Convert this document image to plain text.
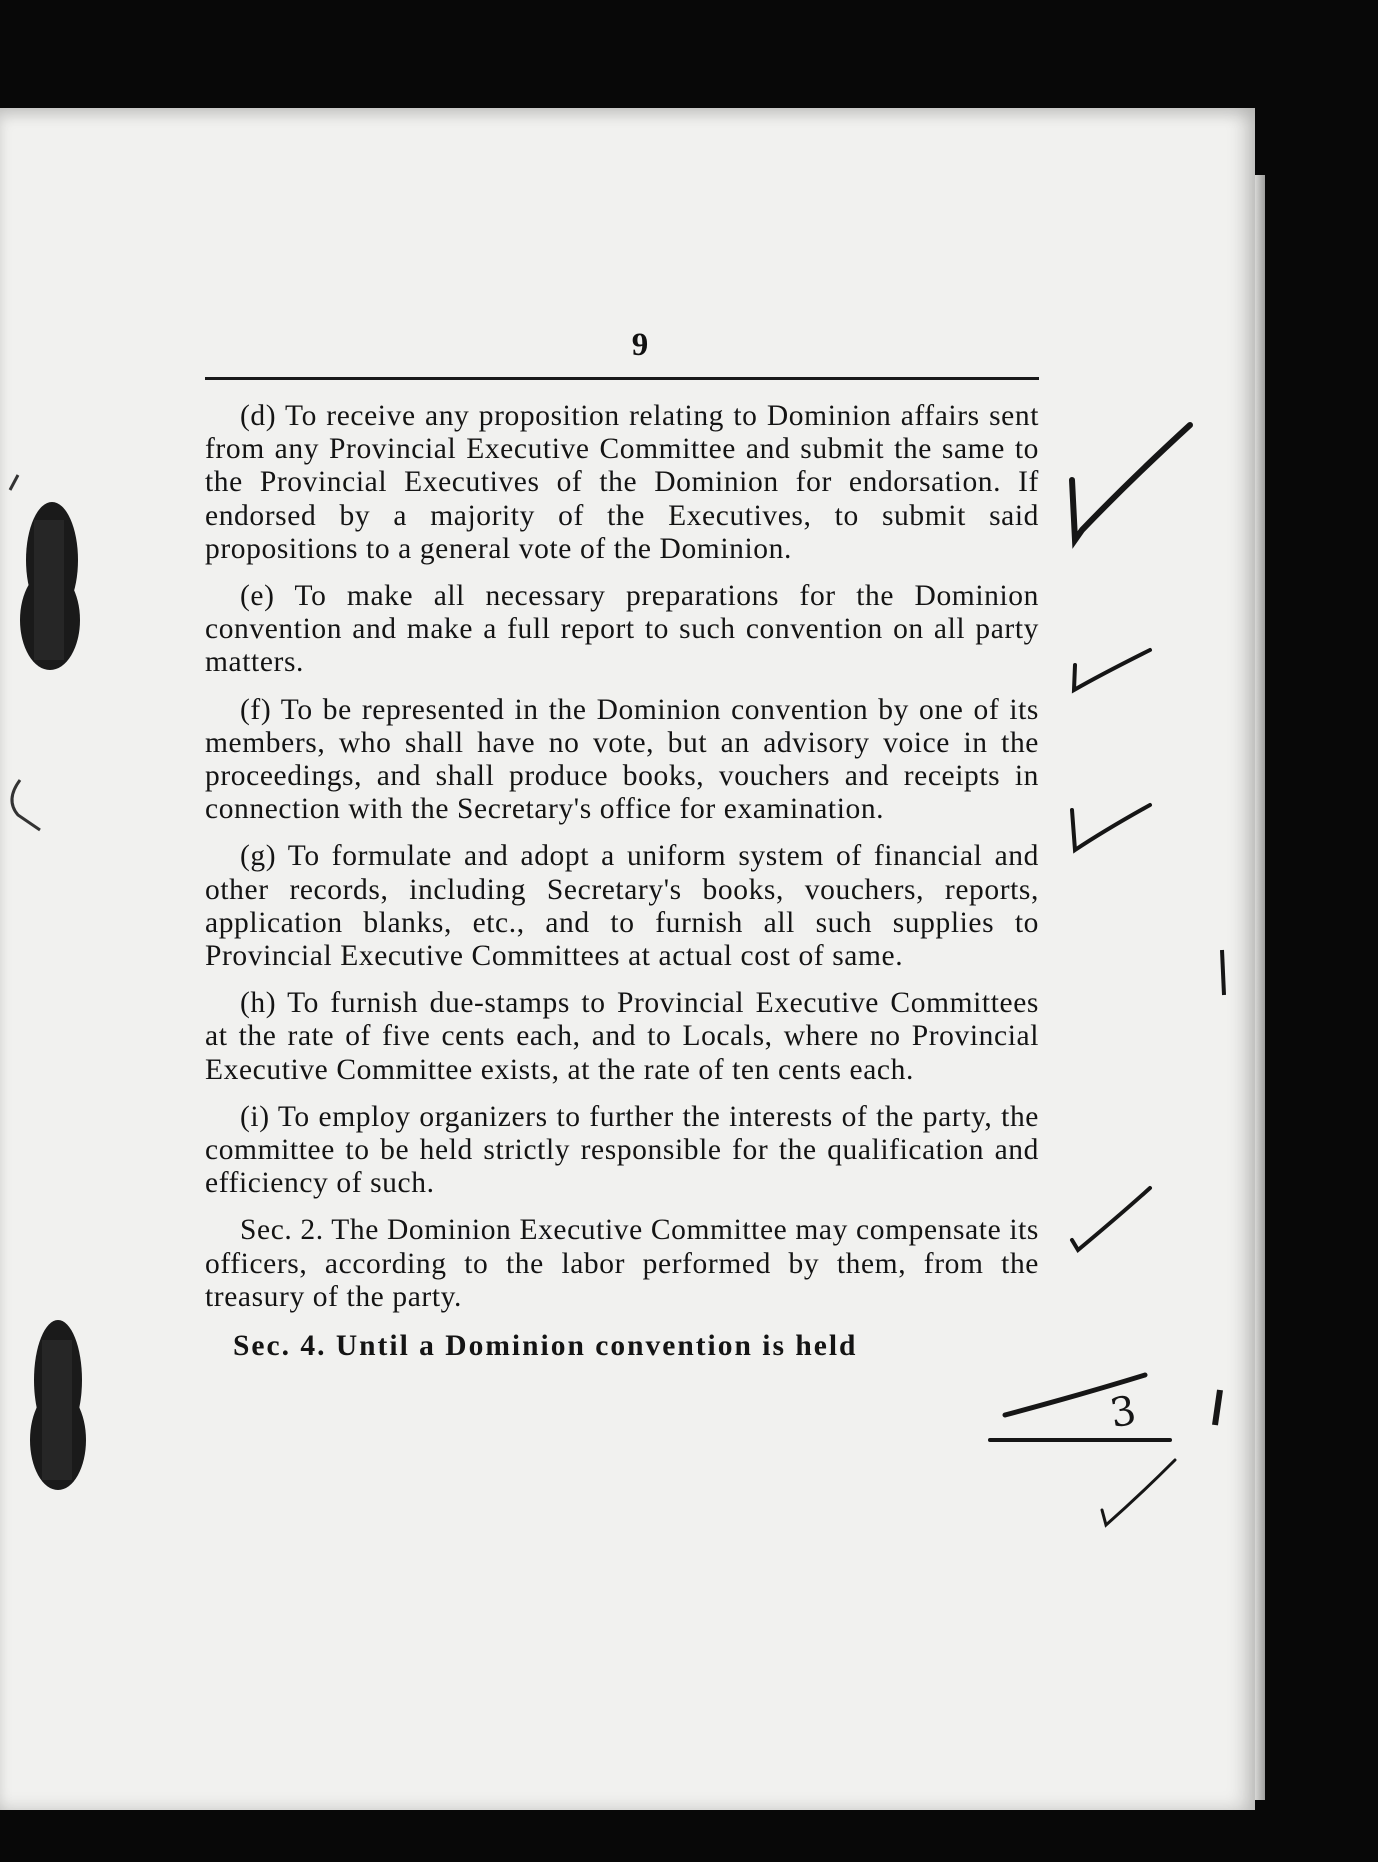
9

(d) To receive any proposition relating to Dominion affairs sent from any Provincial Executive Committee and submit the same to the Provincial Executives of the Dominion for endorsation. If endorsed by a majority of the Executives, to submit said propositions to a general vote of the Dominion.

(e) To make all necessary preparations for the Dominion convention and make a full report to such convention on all party matters.

(f) To be represented in the Dominion convention by one of its members, who shall have no vote, but an advisory voice in the proceedings, and shall produce books, vouchers and receipts in connection with the Secretary's office for examination.

(g) To formulate and adopt a uniform system of financial and other records, including Secretary's books, vouchers, reports, application blanks, etc., and to furnish all such supplies to Provincial Executive Committees at actual cost of same.

(h) To furnish due-stamps to Provincial Executive Committees at the rate of five cents each, and to Locals, where no Provincial Executive Committee exists, at the rate of ten cents each.

(i) To employ organizers to further the interests of the party, the committee to be held strictly responsible for the qualification and efficiency of such.

Sec. 2. The Dominion Executive Committee may compensate its officers, according to the labor performed by them, from the treasury of the party.

Sec. 4. Until a Dominion convention is held

3
